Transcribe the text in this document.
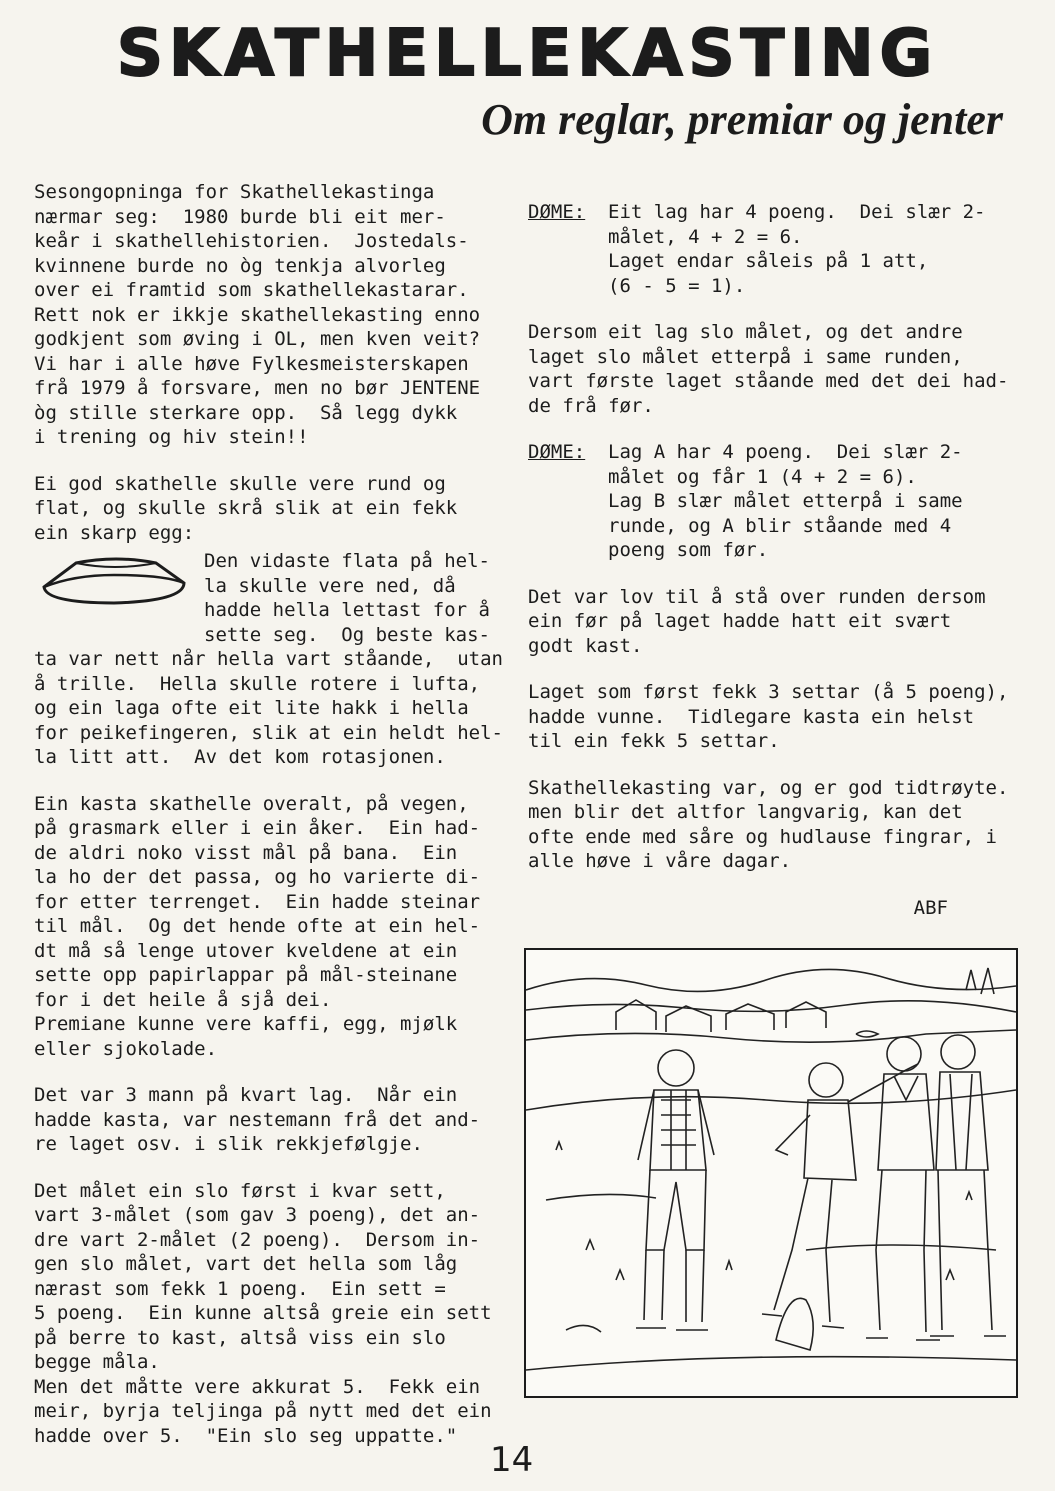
SKATHELLEKASTING
Om reglar, premiar og jenter

Sesongopninga for Skathellekastinga
nærmar seg:  1980 burde bli eit mer-
keår i skathellehistorien.  Jostedals-
kvinnene burde no òg tenkja alvorleg
over ei framtid som skathellekastarar.
Rett nok er ikkje skathellekasting enno
godkjent som øving i OL, men kven veit?
Vi har i alle høve Fylkesmeisterskapen
frå 1979 å forsvare, men no bør JENTENE
òg stille sterkare opp.  Så legg dykk
i trening og hiv stein!!

Ei god skathelle skulle vere rund og
flat, og skulle skrå slik at ein fekk
ein skarp egg:

Den vidaste flata på hel-
la skulle vere ned, då
hadde hella lettast for å
sette seg.  Og beste kas-

ta var nett når hella vart ståande,  utan
å trille.  Hella skulle rotere i lufta,
og ein laga ofte eit lite hakk i hella
for peikefingeren, slik at ein heldt hel-
la litt att.  Av det kom rotasjonen.

Ein kasta skathelle overalt, på vegen,
på grasmark eller i ein åker.  Ein had-
de aldri noko visst mål på bana.  Ein
la ho der det passa, og ho varierte di-
for etter terrenget.  Ein hadde steinar
til mål.  Og det hende ofte at ein hel-
dt må så lenge utover kveldene at ein
sette opp papirlappar på mål-steinane
for i det heile å sjå dei.
Premiane kunne vere kaffi, egg, mjølk
eller sjokolade.

Det var 3 mann på kvart lag.  Når ein
hadde kasta, var nestemann frå det and-
re laget osv. i slik rekkjefølgje.

Det målet ein slo først i kvar sett,
vart 3-målet (som gav 3 poeng), det an-
dre vart 2-målet (2 poeng).  Dersom in-
gen slo målet, vart det hella som låg
nærast som fekk 1 poeng.  Ein sett =
5 poeng.  Ein kunne altså greie ein sett
på berre to kast, altså viss ein slo
begge måla.
Men det måtte vere akkurat 5.  Fekk ein
meir, byrja teljinga på nytt med det ein
hadde over 5.  "Ein slo seg uppatte."

DØME:	Eit lag har 4 poeng.  Dei slær 2-
målet, 4 + 2 = 6.
Laget endar såleis på 1 att,
(6 - 5 = 1).

Dersom eit lag slo målet, og det andre
laget slo målet etterpå i same runden,
vart første laget ståande med det dei had-
de frå før.

DØME:	Lag A har 4 poeng.  Dei slær 2-
målet og får 1 (4 + 2 = 6).
Lag B slær målet etterpå i same
runde, og A blir ståande med 4
poeng som før.

Det var lov til å stå over runden dersom
ein før på laget hadde hatt eit svært
godt kast.

Laget som først fekk 3 settar (å 5 poeng),
hadde vunne.  Tidlegare kasta ein helst
til ein fekk 5 settar.

Skathellekasting var, og er god tidtrøyte.
men blir det altfor langvarig, kan det
ofte ende med såre og hudlause fingrar, i
alle høve i våre dagar.

ABF

14
